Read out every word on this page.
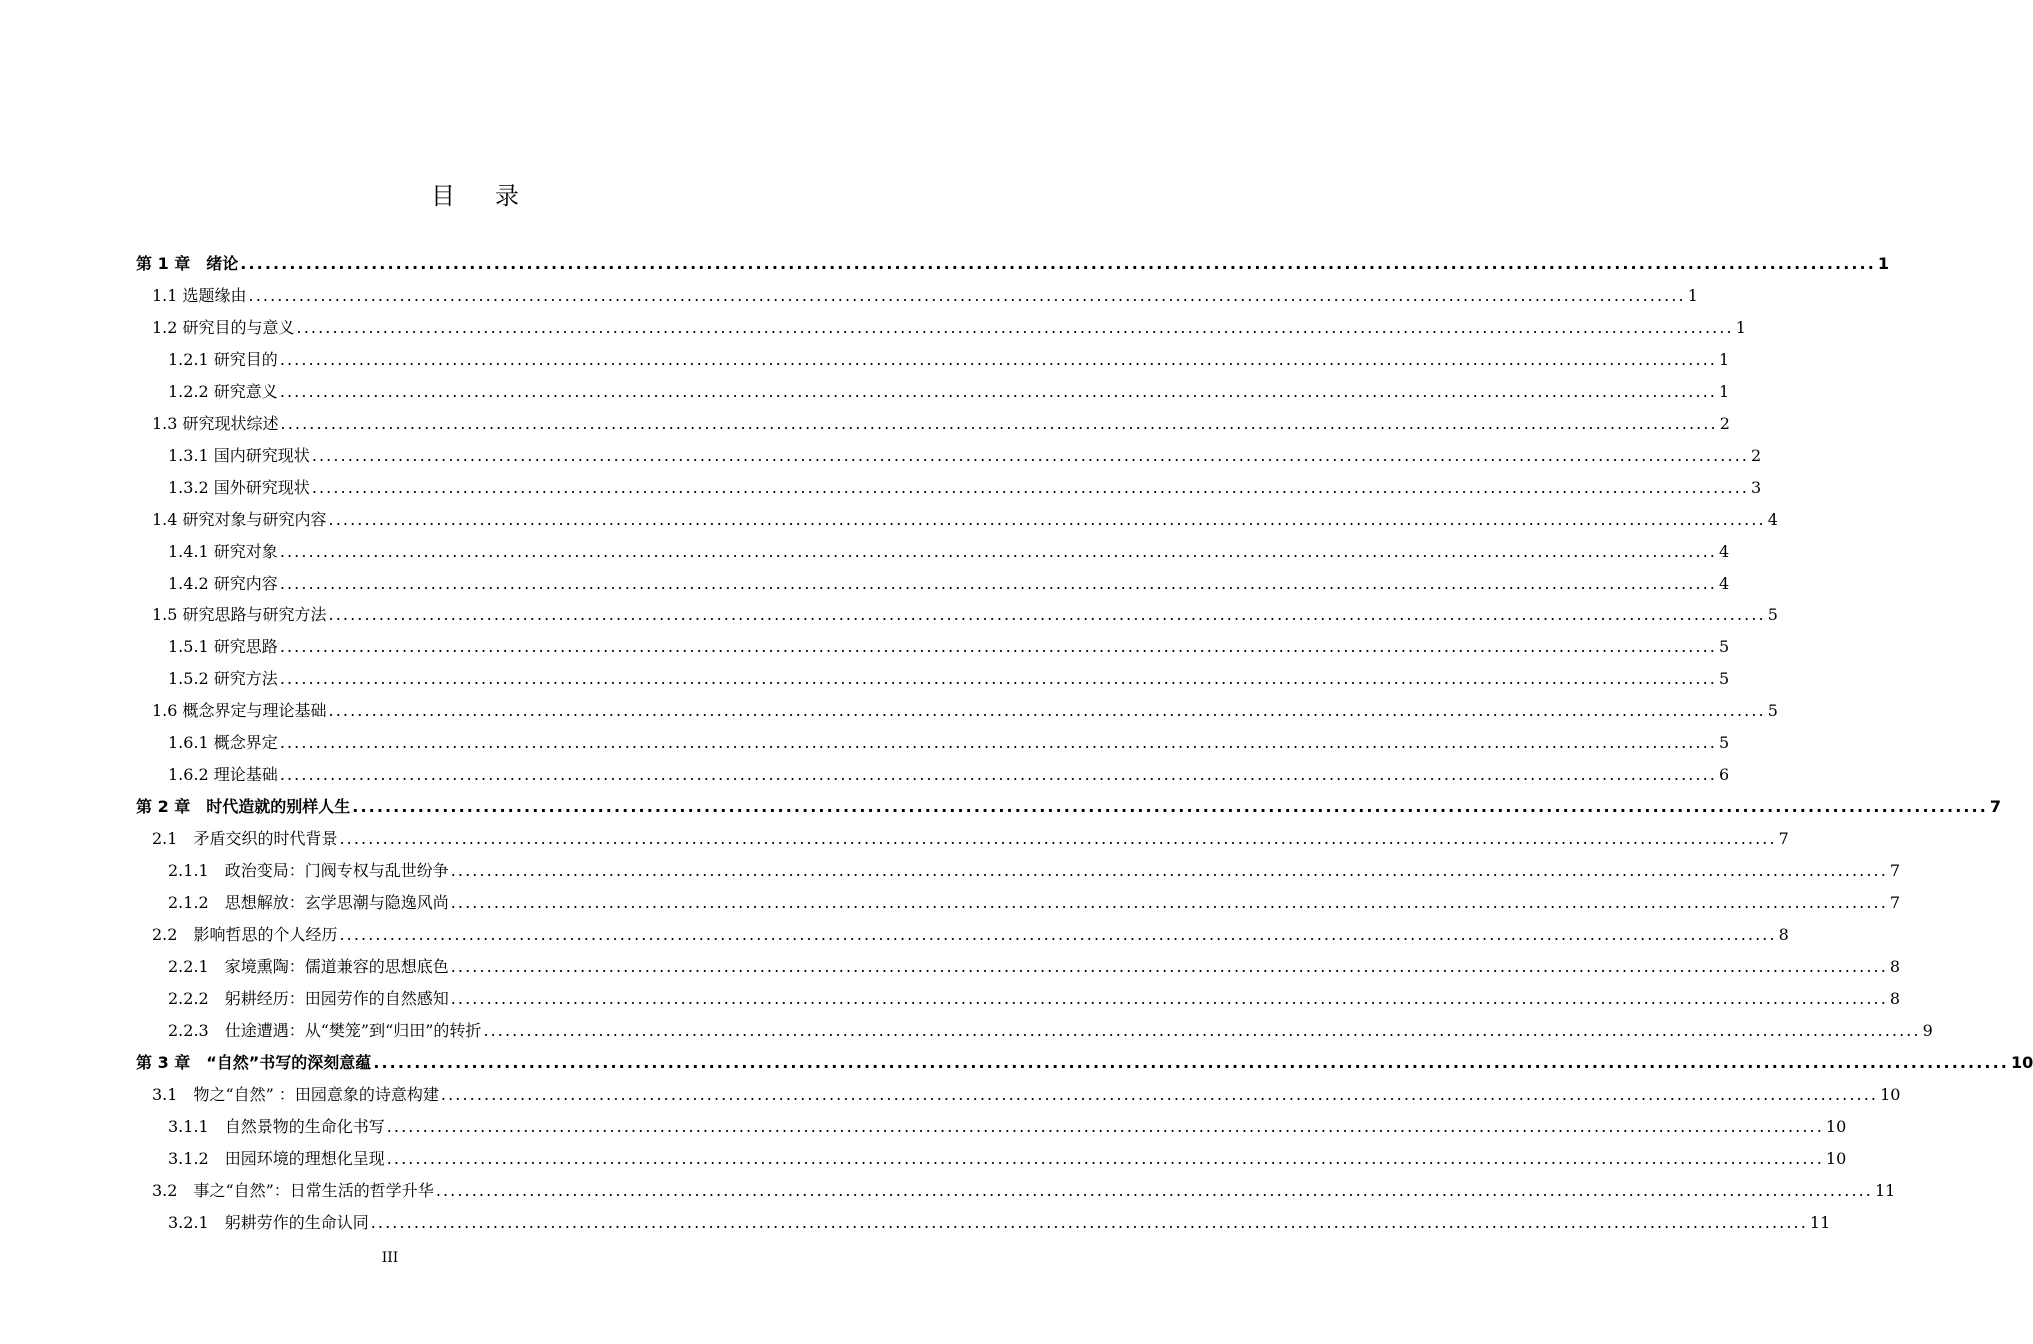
目 录
第 1 章　绪论 ........................................................................................................................................................................................................ 1
1.1 选题缘由 ........................................................................................................................................................................................................ 1
1.2 研究目的与意义 ........................................................................................................................................................................................................ 1
1.2.1 研究目的 ........................................................................................................................................................................................................ 1
1.2.2 研究意义 ........................................................................................................................................................................................................ 1
1.3 研究现状综述 ........................................................................................................................................................................................................ 2
1.3.1 国内研究现状 ........................................................................................................................................................................................................ 2
1.3.2 国外研究现状 ........................................................................................................................................................................................................ 3
1.4 研究对象与研究内容 ........................................................................................................................................................................................................ 4
1.4.1 研究对象 ........................................................................................................................................................................................................ 4
1.4.2 研究内容 ........................................................................................................................................................................................................ 4
1.5 研究思路与研究方法 ........................................................................................................................................................................................................ 5
1.5.1 研究思路 ........................................................................................................................................................................................................ 5
1.5.2 研究方法 ........................................................................................................................................................................................................ 5
1.6 概念界定与理论基础 ........................................................................................................................................................................................................ 5
1.6.1 概念界定 ........................................................................................................................................................................................................ 5
1.6.2 理论基础 ........................................................................................................................................................................................................ 6
第 2 章　时代造就的别样人生 ........................................................................................................................................................................................................ 7
2.1　矛盾交织的时代背景 ........................................................................................................................................................................................................ 7
2.1.1　政治变局：门阀专权与乱世纷争 ........................................................................................................................................................................................................ 7
2.1.2　思想解放：玄学思潮与隐逸风尚 ........................................................................................................................................................................................................ 7
2.2　影响哲思的个人经历 ........................................................................................................................................................................................................ 8
2.2.1　家境熏陶：儒道兼容的思想底色 ........................................................................................................................................................................................................ 8
2.2.2　躬耕经历：田园劳作的自然感知 ........................................................................................................................................................................................................ 8
2.2.3　仕途遭遇：从“樊笼”到“归田”的转折 ........................................................................................................................................................................................................ 9
第 3 章　“自然”书写的深刻意蕴 ........................................................................................................................................................................................................ 10
3.1　物之“自然” ：田园意象的诗意构建 ........................................................................................................................................................................................................ 10
3.1.1　自然景物的生命化书写 ........................................................................................................................................................................................................ 10
3.1.2　田园环境的理想化呈现 ........................................................................................................................................................................................................ 10
3.2　事之“自然”：日常生活的哲学升华 ........................................................................................................................................................................................................ 11
3.2.1　躬耕劳作的生命认同 ........................................................................................................................................................................................................ 11
III
